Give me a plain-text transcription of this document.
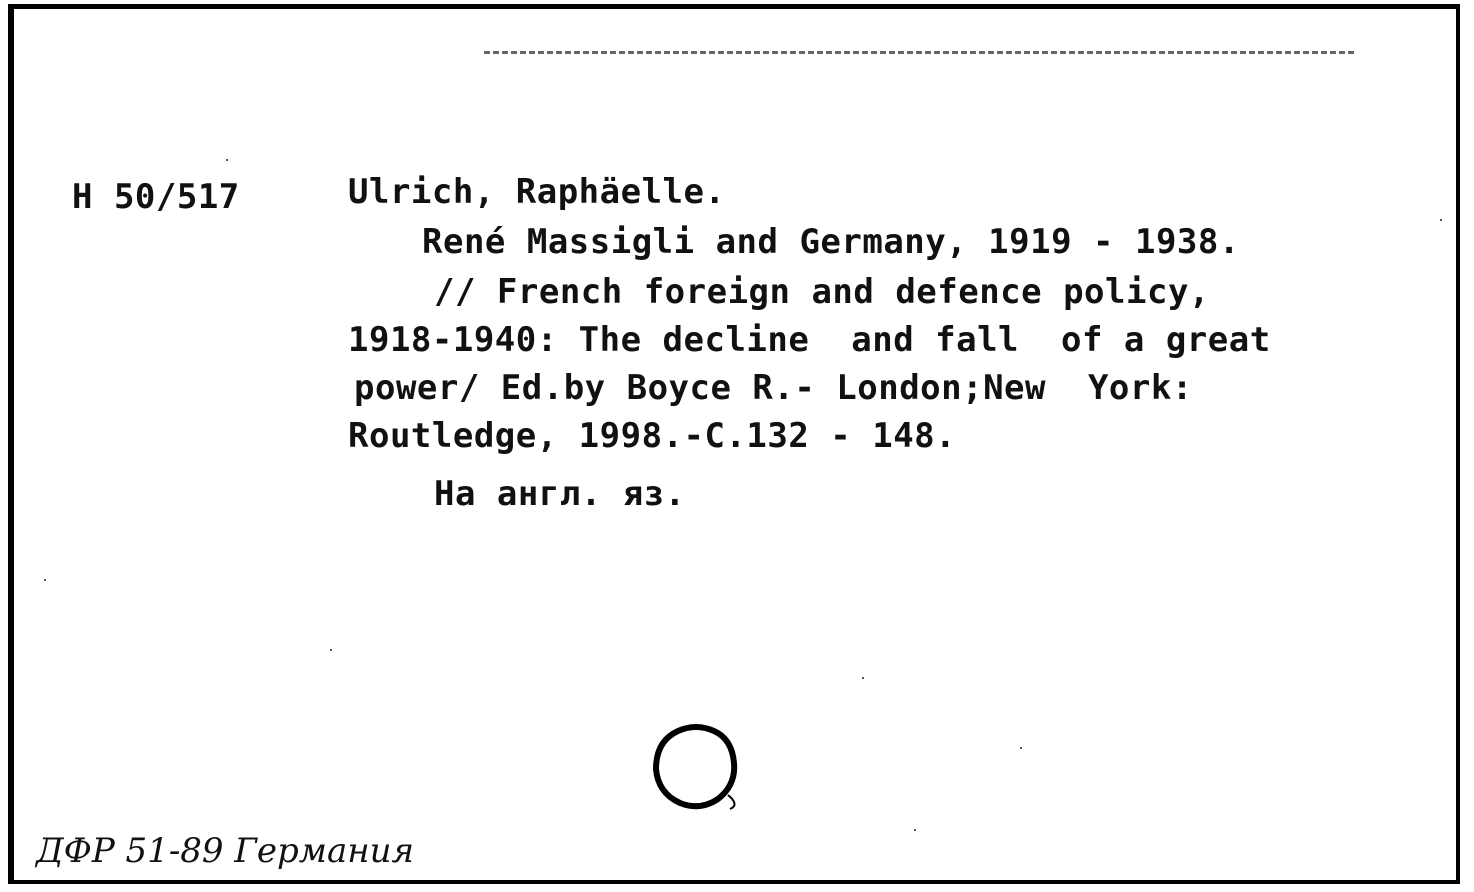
H 50/517	Ulrich, Raphäelle.
René Massigli and Germany, 1919 - 1938.
// French foreign and defence policy,
1918-1940: The decline  and fall  of a great
power/ Ed.by Boyce R.- London;New  York:
Routledge, 1998.-C.132 - 148.
На англ. яз.
ДФР 51-89 Германия
